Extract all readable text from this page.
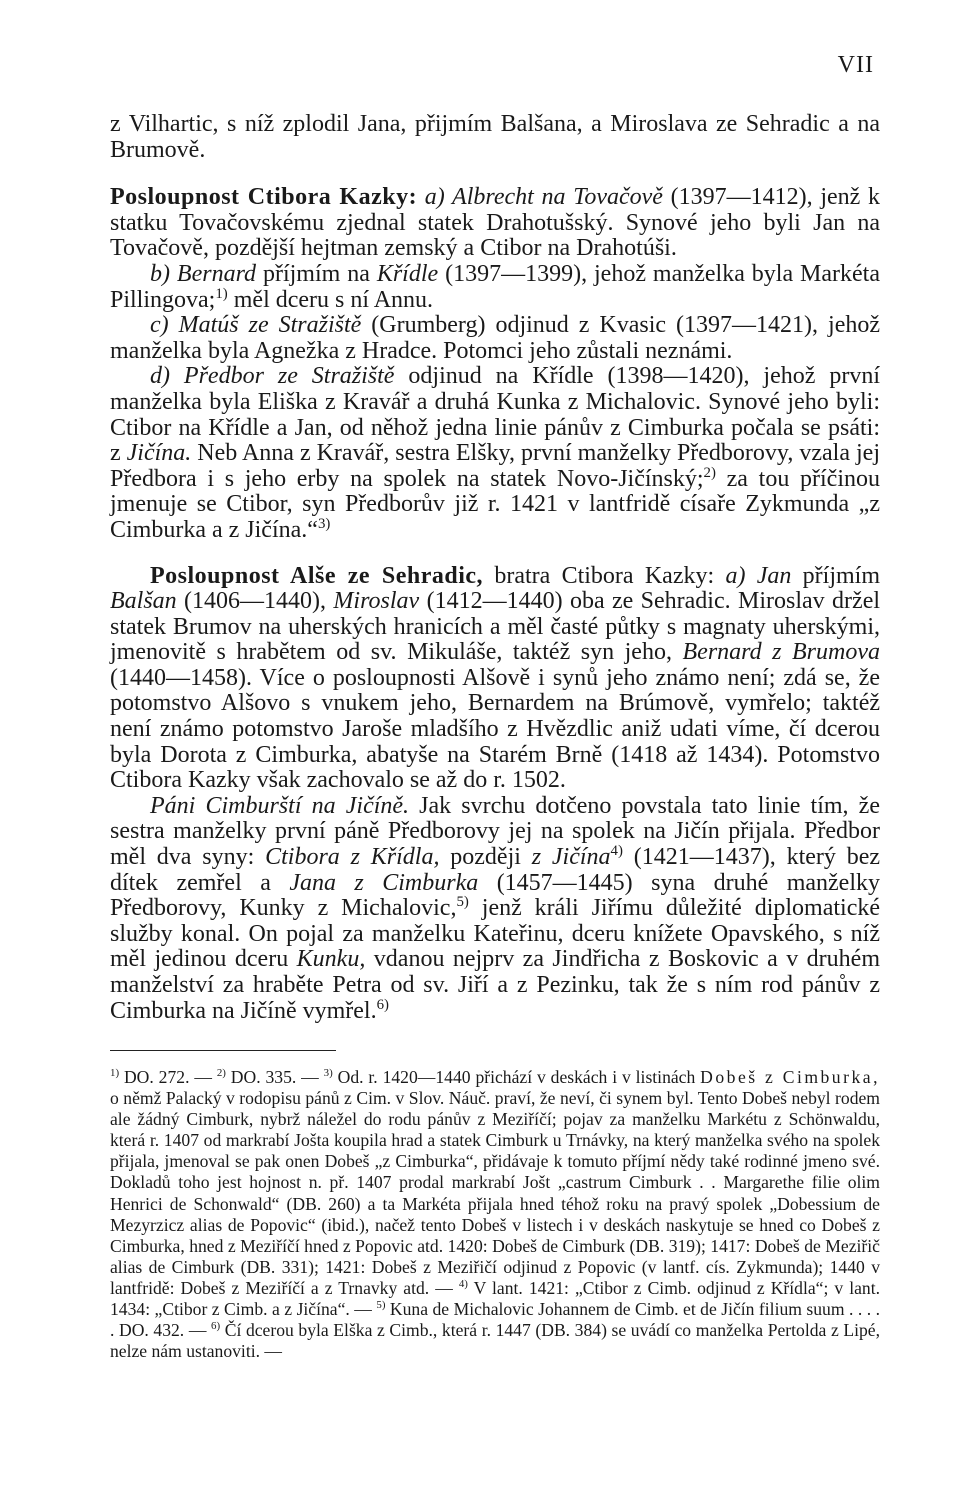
VII

z Vilhartic, s níž zplodil Jana, přijmím Balšana, a Miroslava ze Sehradic a na Brumově.

Posloupnost Ctibora Kazky: a) Albrecht na Tovačově (1397—1412), jenž k statku Tovačovskému zjednal statek Drahotušský. Synové jeho byli Jan na Tovačově, pozdější hejtman zemský a Ctibor na Drahotúši.

b) Bernard příjmím na Křídle (1397—1399), jehož manželka byla Markéta Pillingova;$^{1)}$ měl dceru s ní Annu.

c) Matúš ze Stražiště (Grumberg) odjinud z Kvasic (1397—1421), jehož manželka byla Agnežka z Hradce. Potomci jeho zůstali neznámi.

d) Předbor ze Stražiště odjinud na Křídle (1398—1420), jehož první manželka byla Eliška z Kravář a druhá Kunka z Michalovic. Synové jeho byli: Ctibor na Křídle a Jan, od něhož jedna linie pánův z Cimburka počala se psáti: z Jičína. Neb Anna z Kravář, sestra Elšky, první manželky Předborovy, vzala jej Předbora i s jeho erby na spolek na statek Novo-Jičínský;$^{2)}$ za tou příčinou jmenuje se Ctibor, syn Předborův již r. 1421 v lantfridě císaře Zykmunda „z Cimburka a z Jičína.“$^{3)}$

Posloupnost Alše ze Sehradic, bratra Ctibora Kazky: a) Jan příjmím Balšan (1406—1440), Miroslav (1412—1440) oba ze Sehradic. Miroslav držel statek Brumov na uherských hranicích a měl časté půtky s magnaty uherskými, jmenovitě s hrabětem od sv. Mikuláše, taktéž syn jeho, Bernard z Brumova (1440—1458). Více o posloupnosti Alšově i synů jeho známo není; zdá se, že potomstvo Alšovo s vnukem jeho, Bernardem na Brúmově, vymřelo; taktéž není známo potomstvo Jaroše mladšího z Hvězdlic aniž udati víme, čí dcerou byla Dorota z Cimburka, abatyše na Starém Brně (1418 až 1434). Potomstvo Ctibora Kazky však zachovalo se až do r. 1502.

Páni Cimburští na Jičíně. Jak svrchu dotčeno povstala tato linie tím, že sestra manželky první páně Předborovy jej na spolek na Jičín přijala. Předbor měl dva syny: Ctibora z Křídla, později z Jičína$^{4)}$ (1421—1437), který bez dítek zemřel a Jana z Cimburka (1457—1445) syna druhé manželky Předborovy, Kunky z Michalovic,$^{5)}$ jenž králi Jiřímu důležité diplomatické služby konal. On pojal za manželku Kateřinu, dceru knížete Opavského, s níž měl jedinou dceru Kunku, vdanou nejprv za Jindřicha z Boskovic a v druhém manželství za hraběte Petra od sv. Jiří a z Pezinku, tak že s ním rod pánův z Cimburka na Jičíně vymřel.$^{6)}$

$^{1)}$ DO. 272. — $^{2)}$ DO. 335. — $^{3)}$ Od. r. 1420—1440 přichází v deskách i v listinách Dobeš z Cimburka, o němž Palacký v rodopisu pánů z Cim. v Slov. Náuč. praví, že neví, či synem byl. Tento Dobeš nebyl rodem ale žádný Cimburk, nybrž náležel do rodu pánův z Meziříčí; pojav za manželku Markétu z Schönwaldu, která r. 1407 od markrabí Jošta koupila hrad a statek Cimburk u Trnávky, na který manželka svého na spolek přijala, jmenoval se pak onen Dobeš „z Cimburka“, přidávaje k tomuto příjmí nědy také rodinné jmeno své. Dokladů toho jest hojnost n. př. 1407 prodal markrabí Jošt „castrum Cimburk . . Margarethe filie olim Henrici de Schonwald“ (DB. 260) a ta Markéta přijala hned téhož roku na pravý spolek „Dobessium de Mezyrzicz alias de Popovic“ (ibid.), načež tento Dobeš v listech i v deskách naskytuje se hned co Dobeš z Cimburka, hned z Meziříčí hned z Popovic atd. 1420: Dobeš de Cimburk (DB. 319); 1417: Dobeš de Meziřič alias de Cimburk (DB. 331); 1421: Dobeš z Meziřičí odjinud z Popovic (v lantf. cís. Zykmunda); 1440 v lantfridě: Dobeš z Meziříčí a z Trnavky atd. — $^{4)}$ V lant. 1421: „Ctibor z Cimb. odjinud z Křídla“; v lant. 1434: „Ctibor z Cimb. a z Jičína“. — $^{5)}$ Kuna de Michalovic Johannem de Cimb. et de Jičín filium suum . . . . . DO. 432. — $^{6)}$ Čí dcerou byla Elška z Cimb., která r. 1447 (DB. 384) se uvádí co manželka Pertolda z Lipé, nelze nám ustanoviti. —
